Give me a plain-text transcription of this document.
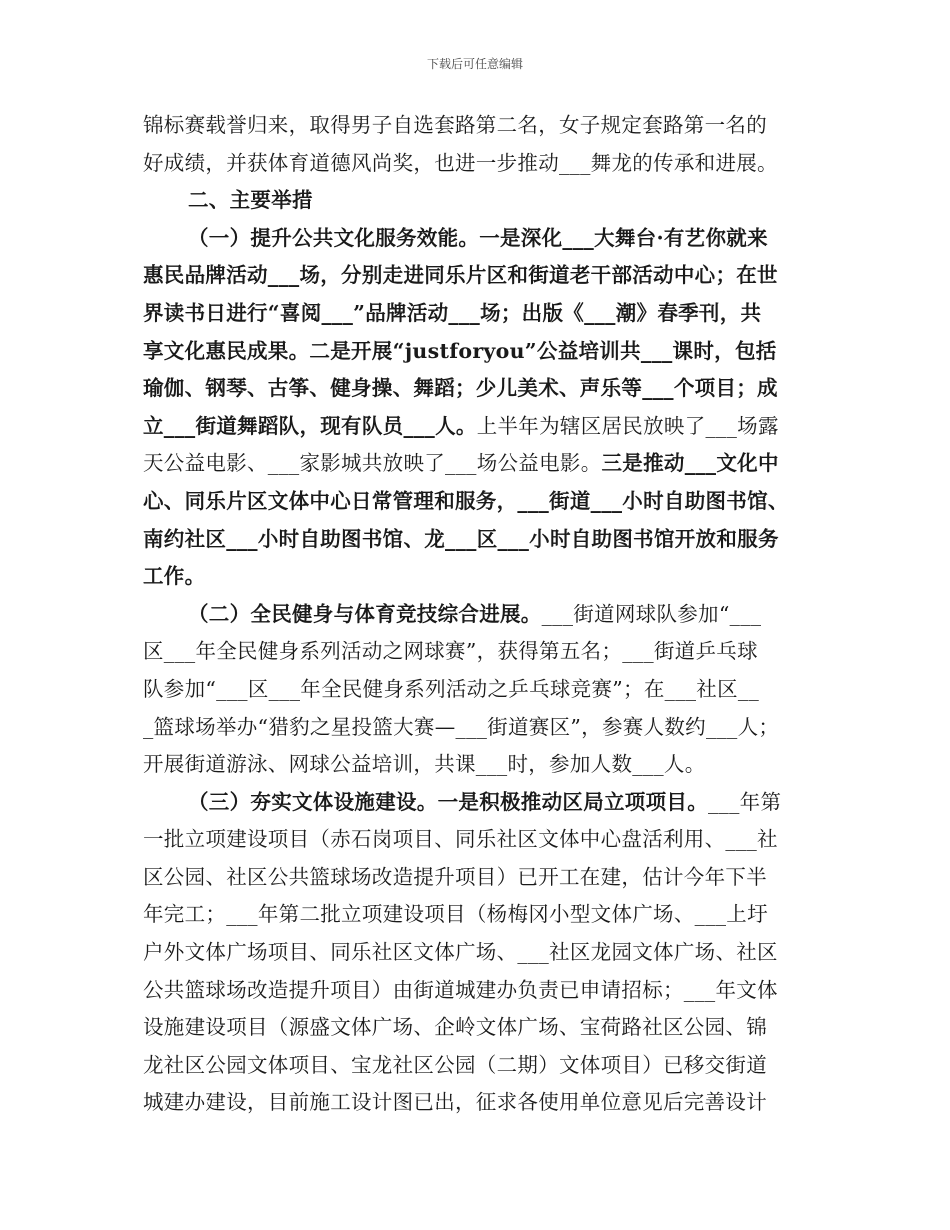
下载后可任意编辑
锦标赛载誉归来，取得男子自选套路第二名，女子规定套路第一名的
好成绩，并获体育道德风尚奖，也进一步推动___舞龙的传承和进展。
二、主要举措
（一）提升公共文化服务效能。一是深化___大舞台·有艺你就来
惠民品牌活动___场，分别走进同乐片区和街道老干部活动中心；在世
界读书日进行“喜阅___”品牌活动___场；出版《___潮》春季刊，共
享文化惠民成果。二是开展“justforyou”公益培训共___课时，包括
瑜伽、钢琴、古筝、健身操、舞蹈；少儿美术、声乐等___个项目；成
立___街道舞蹈队，现有队员___人。上半年为辖区居民放映了___场露
天公益电影、___家影城共放映了___场公益电影。三是推动___文化中
心、同乐片区文体中心日常管理和服务，___街道___小时自助图书馆、
南约社区___小时自助图书馆、龙___区___小时自助图书馆开放和服务
工作。
（二）全民健身与体育竞技综合进展。___街道网球队参加“___
区___年全民健身系列活动之网球赛”，获得第五名；___街道乒乓球
队参加“___区___年全民健身系列活动之乒乓球竞赛”；在___社区__
_篮球场举办“猎豹之星投篮大赛—___街道赛区”，参赛人数约___人；
开展街道游泳、网球公益培训，共课___时，参加人数___人。
（三）夯实文体设施建设。一是积极推动区局立项项目。___年第
一批立项建设项目（赤石岗项目、同乐社区文体中心盘活利用、___社
区公园、社区公共篮球场改造提升项目）已开工在建，估计今年下半
年完工；___年第二批立项建设项目（杨梅冈小型文体广场、___上圩
户外文体广场项目、同乐社区文体广场、___社区龙园文体广场、社区
公共篮球场改造提升项目）由街道城建办负责已申请招标；___年文体
设施建设项目（源盛文体广场、企岭文体广场、宝荷路社区公园、锦
龙社区公园文体项目、宝龙社区公园（二期）文体项目）已移交街道
城建办建设，目前施工设计图已出，征求各使用单位意见后完善设计
